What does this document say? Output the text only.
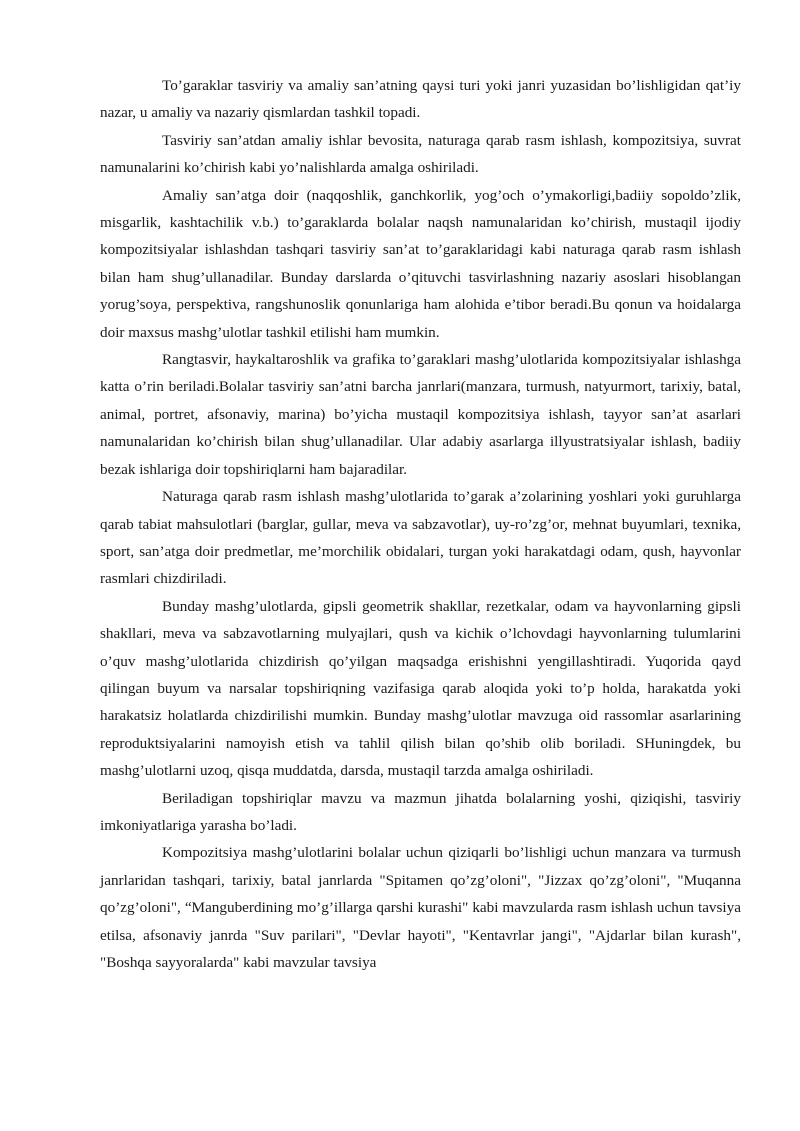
To’garaklar tasviriy va amaliy san’atning qaysi turi yoki janri yuzasidan bo’lishligidan qat’iy nazar, u amaliy va nazariy qismlardan tashkil topadi.

Tasviriy san’atdan amaliy ishlar bevosita, naturaga qarab rasm ishlash, kompozitsiya, suvrat namunalarini ko’chirish kabi yo’nalishlarda amalga oshiriladi.

Amaliy san’atga doir (naqqoshlik, ganchkorlik, yog’och o’ymakorligi,badiiy sopoldo’zlik, misgarlik, kashtachilik v.b.) to’garaklarda bolalar naqsh namunalaridan ko’chirish, mustaqil ijodiy kompozitsiyalar ishlashdan tashqari tasviriy san’at to’garaklaridagi kabi naturaga qarab rasm ishlash bilan ham shug’ullanadilar. Bunday darslarda o’qituvchi tasvirlashning nazariy asoslari hisoblangan yorug’soya, perspektiva, rangshunoslik qonunlariga ham alohida e’tibor beradi.Bu qonun va hoidalarga doir maxsus mashg’ulotlar tashkil etilishi ham mumkin.

Rangtasvir, haykaltaroshlik va grafika to’garaklari mashg’ulotlarida kompozitsiyalar ishlashga katta o’rin beriladi.Bolalar tasviriy san’atni barcha janrlari(manzara, turmush, natyurmort, tarixiy, batal, animal, portret, afsonaviy, marina) bo’yicha mustaqil kompozitsiya ishlash, tayyor san’at asarlari namunalaridan ko’chirish bilan shug’ullanadilar. Ular adabiy asarlarga illyustratsiyalar ishlash, badiiy bezak ishlariga doir topshiriqlarni ham bajaradilar.

Naturaga qarab rasm ishlash mashg’ulotlarida to’garak a’zolarining yoshlari yoki guruhlarga qarab tabiat mahsulotlari (barglar, gullar, meva va sabzavotlar), uy-ro’zg’or, mehnat buyumlari, texnika, sport, san’atga doir predmetlar, me’morchilik obidalari, turgan yoki harakatdagi odam, qush, hayvonlar rasmlari chizdiriladi.

Bunday mashg’ulotlarda, gipsli geometrik shakllar, rezetkalar, odam va hayvonlarning gipsli shakllari, meva va sabzavotlarning mulyajlari, qush va kichik o’lchovdagi hayvonlarning tulumlarini o’quv mashg’ulotlarida chizdirish qo’yilgan maqsadga erishishni yengillashtiradi. Yuqorida qayd qilingan buyum va narsalar topshiriqning vazifasiga qarab aloqida yoki to’p holda, harakatda yoki harakatsiz holatlarda chizdirilishi mumkin. Bunday mashg’ulotlar mavzuga oid rassomlar asarlarining reproduktsiyalarini namoyish etish va tahlil qilish bilan qo’shib olib boriladi. SHuningdek, bu mashg’ulotlarni uzoq, qisqa muddatda, darsda, mustaqil tarzda amalga oshiriladi.

Beriladigan topshiriqlar mavzu va mazmun jihatda bolalarning yoshi, qiziqishi, tasviriy imkoniyatlariga yarasha bo’ladi.

Kompozitsiya mashg’ulotlarini bolalar uchun qiziqarli bo’lishligi uchun manzara va turmush janrlaridan tashqari, tarixiy, batal janrlarda "Spitamen qo’zg’oloni", "Jizzax qo’zg’oloni", "Muqanna qo’zg’oloni", “Manguberdining mo’g’illarga qarshi kurashi" kabi mavzularda rasm ishlash uchun tavsiya etilsa, afsonaviy janrda "Suv parilari", "Devlar hayoti", "Kentavrlar jangi", "Ajdarlar bilan kurash", "Boshqa sayyoralarda" kabi mavzular tavsiya
